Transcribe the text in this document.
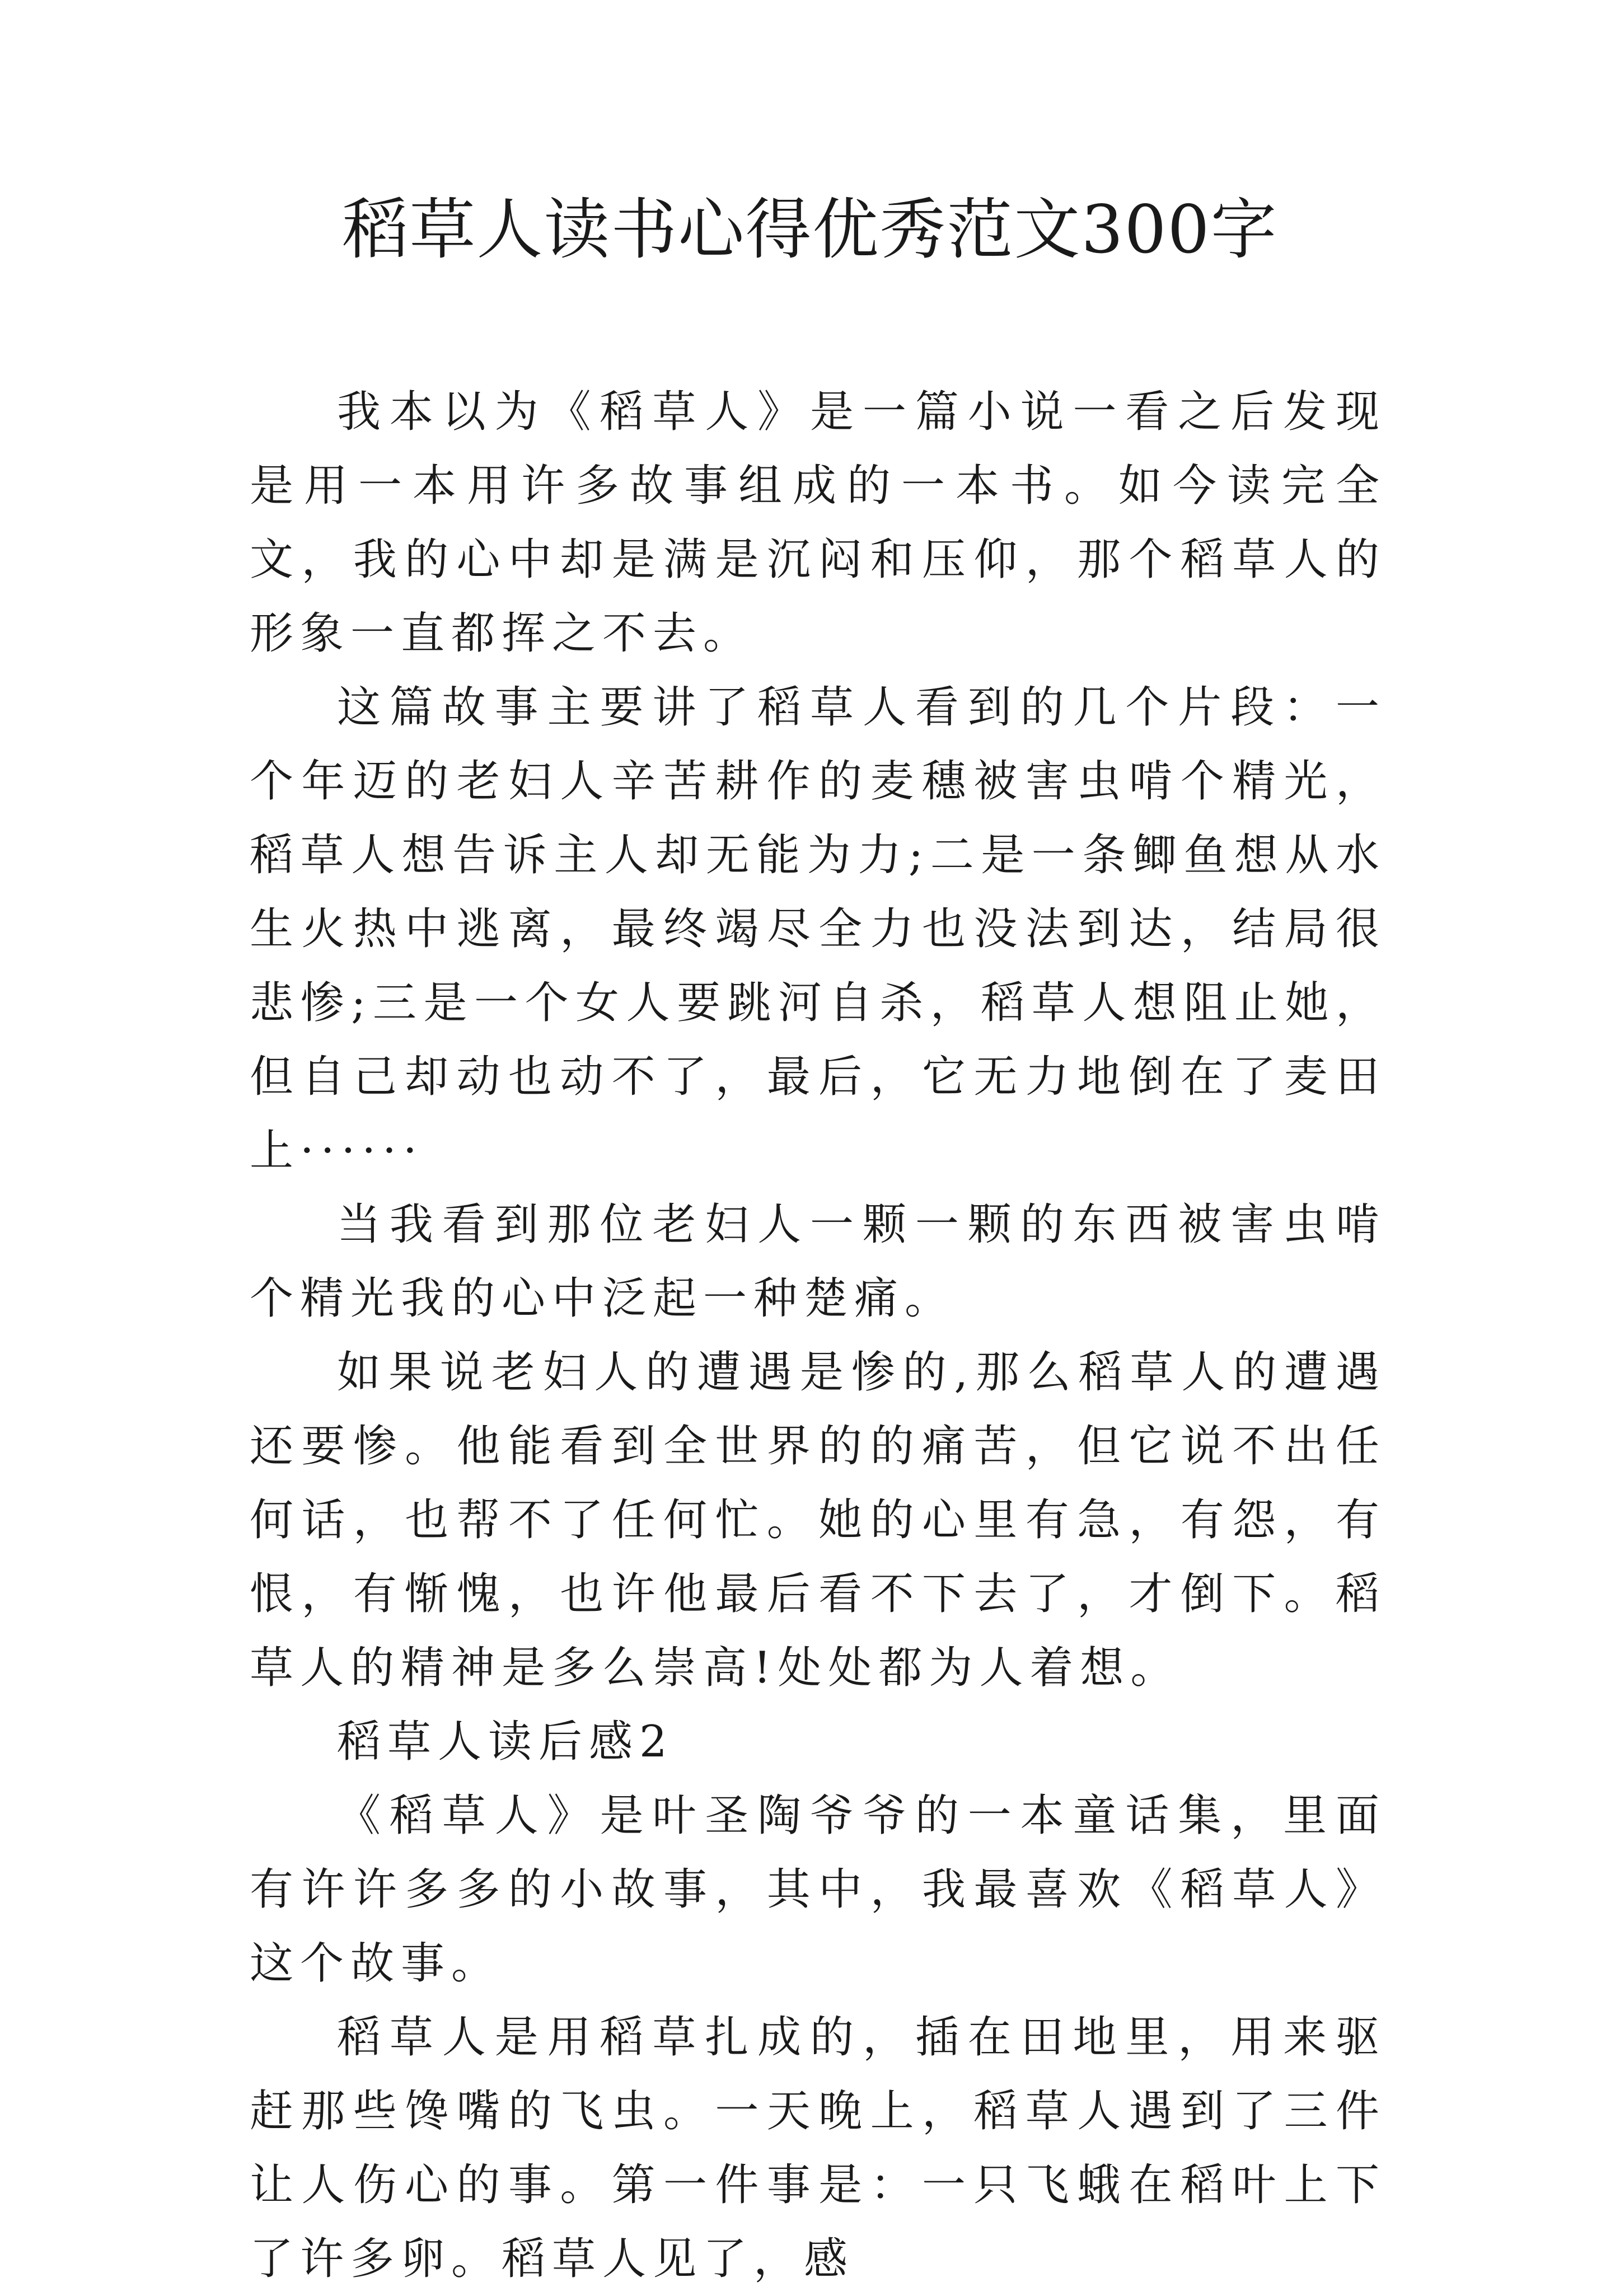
稻草人读书心得优秀范文300字

我本以为《稻草人》是一篇小说一看之后发现是用一本用许多故事组成的一本书。如今读完全文，我的心中却是满是沉闷和压仰，那个稻草人的形象一直都挥之不去。

这篇故事主要讲了稻草人看到的几个片段：一个年迈的老妇人辛苦耕作的麦穗被害虫啃个精光，稻草人想告诉主人却无能为力;二是一条鲫鱼想从水生火热中逃离，最终竭尽全力也没法到达，结局很悲惨;三是一个女人要跳河自杀，稻草人想阻止她，但自己却动也动不了，最后，它无力地倒在了麦田上······

当我看到那位老妇人一颗一颗的东西被害虫啃个精光我的心中泛起一种楚痛。

如果说老妇人的遭遇是惨的,那么稻草人的遭遇还要惨。他能看到全世界的的痛苦，但它说不出任何话，也帮不了任何忙。她的心里有急，有怨，有恨，有惭愧，也许他最后看不下去了，才倒下。稻草人的精神是多么崇高!处处都为人着想。

稻草人读后感2

《稻草人》是叶圣陶爷爷的一本童话集，里面有许许多多的小故事，其中，我最喜欢《稻草人》这个故事。

稻草人是用稻草扎成的，插在田地里，用来驱赶那些馋嘴的飞虫。一天晚上，稻草人遇到了三件让人伤心的事。第一件事是：一只飞蛾在稻叶上下了许多卵。稻草人见了，感
